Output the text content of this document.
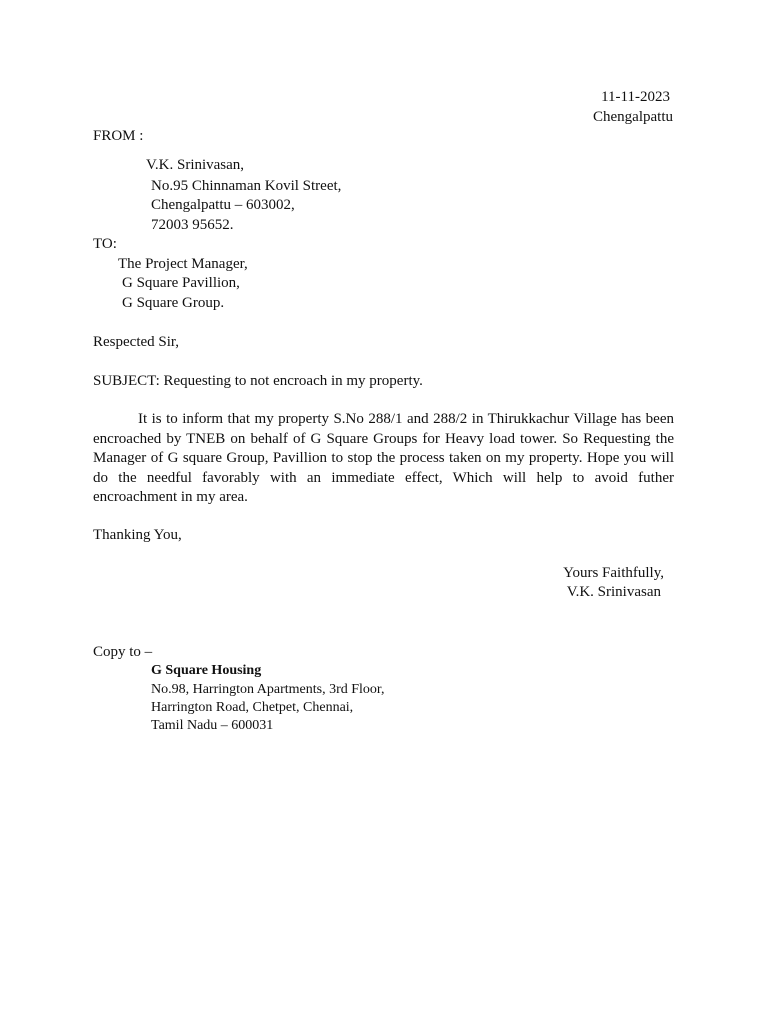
11-11-2023
Chengalpattu
FROM :
V.K. Srinivasan,
No.95 Chinnaman Kovil Street,
Chengalpattu – 603002,
72003 95652.
TO:
The Project Manager,
G Square Pavillion,
G Square Group.
Respected Sir,
SUBJECT: Requesting to not encroach in my property.
It is to inform that my property S.No 288/1 and 288/2 in Thirukkachur Village has been encroached by TNEB on behalf of G Square Groups for Heavy load tower. So Requesting the Manager of G square Group, Pavillion to stop the process taken on my property. Hope you will do the needful favorably with an immediate effect, Which will help to avoid futher encroachment in my area.
Thanking You,
Yours Faithfully,
V.K. Srinivasan
Copy to –
G Square Housing
No.98, Harrington Apartments, 3rd Floor,
Harrington Road, Chetpet, Chennai,
Tamil Nadu – 600031
